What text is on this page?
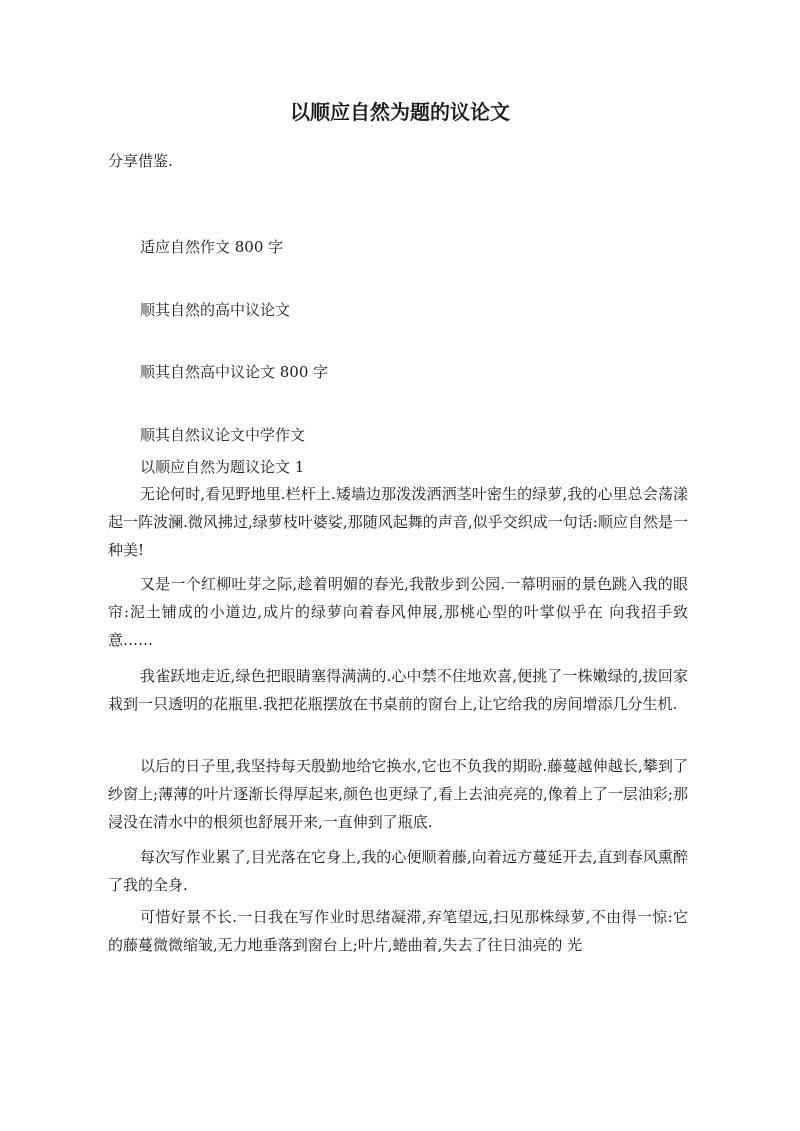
以顺应自然为题的议论文
分享借鉴.
适应自然作文 800 字
顺其自然的高中议论文
顺其自然高中议论文 800 字
顺其自然议论文中学作文
以顺应自然为题议论文 1

无论何时,看见野地里.栏杆上.矮墙边那泼泼洒洒茎叶密生的绿萝,我的心里总会荡漾起一阵波澜.微风拂过,绿萝枝叶婆娑,那随风起舞的声音,似乎交织成一句话:顺应自然是一种美!

又是一个红柳吐芽之际,趁着明媚的春光,我散步到公园.一幕明丽的景色跳入我的眼帘:泥土铺成的小道边,成片的绿萝向着春风伸展,那桃心型的叶掌似乎在 向我招手致意……

我雀跃地走近,绿色把眼睛塞得满满的.心中禁不住地欢喜,便挑了一株嫩绿的,拔回家栽到一只透明的花瓶里.我把花瓶摆放在书桌前的窗台上,让它给我的房间增添几分生机.

以后的日子里,我坚持每天殷勤地给它换水,它也不负我的期盼.藤蔓越伸越长,攀到了纱窗上;薄薄的叶片逐渐长得厚起来,颜色也更绿了,看上去油亮亮的,像着上了一层油彩;那浸没在清水中的根须也舒展开来,一直伸到了瓶底.

每次写作业累了,目光落在它身上,我的心便顺着藤,向着远方蔓延开去,直到春风熏醉了我的全身.

可惜好景不长.一日我在写作业时思绪凝滞,弃笔望远,扫见那株绿萝,不由得一惊:它的藤蔓微微缩皱,无力地垂落到窗台上;叶片,蜷曲着,失去了往日油亮的 光
